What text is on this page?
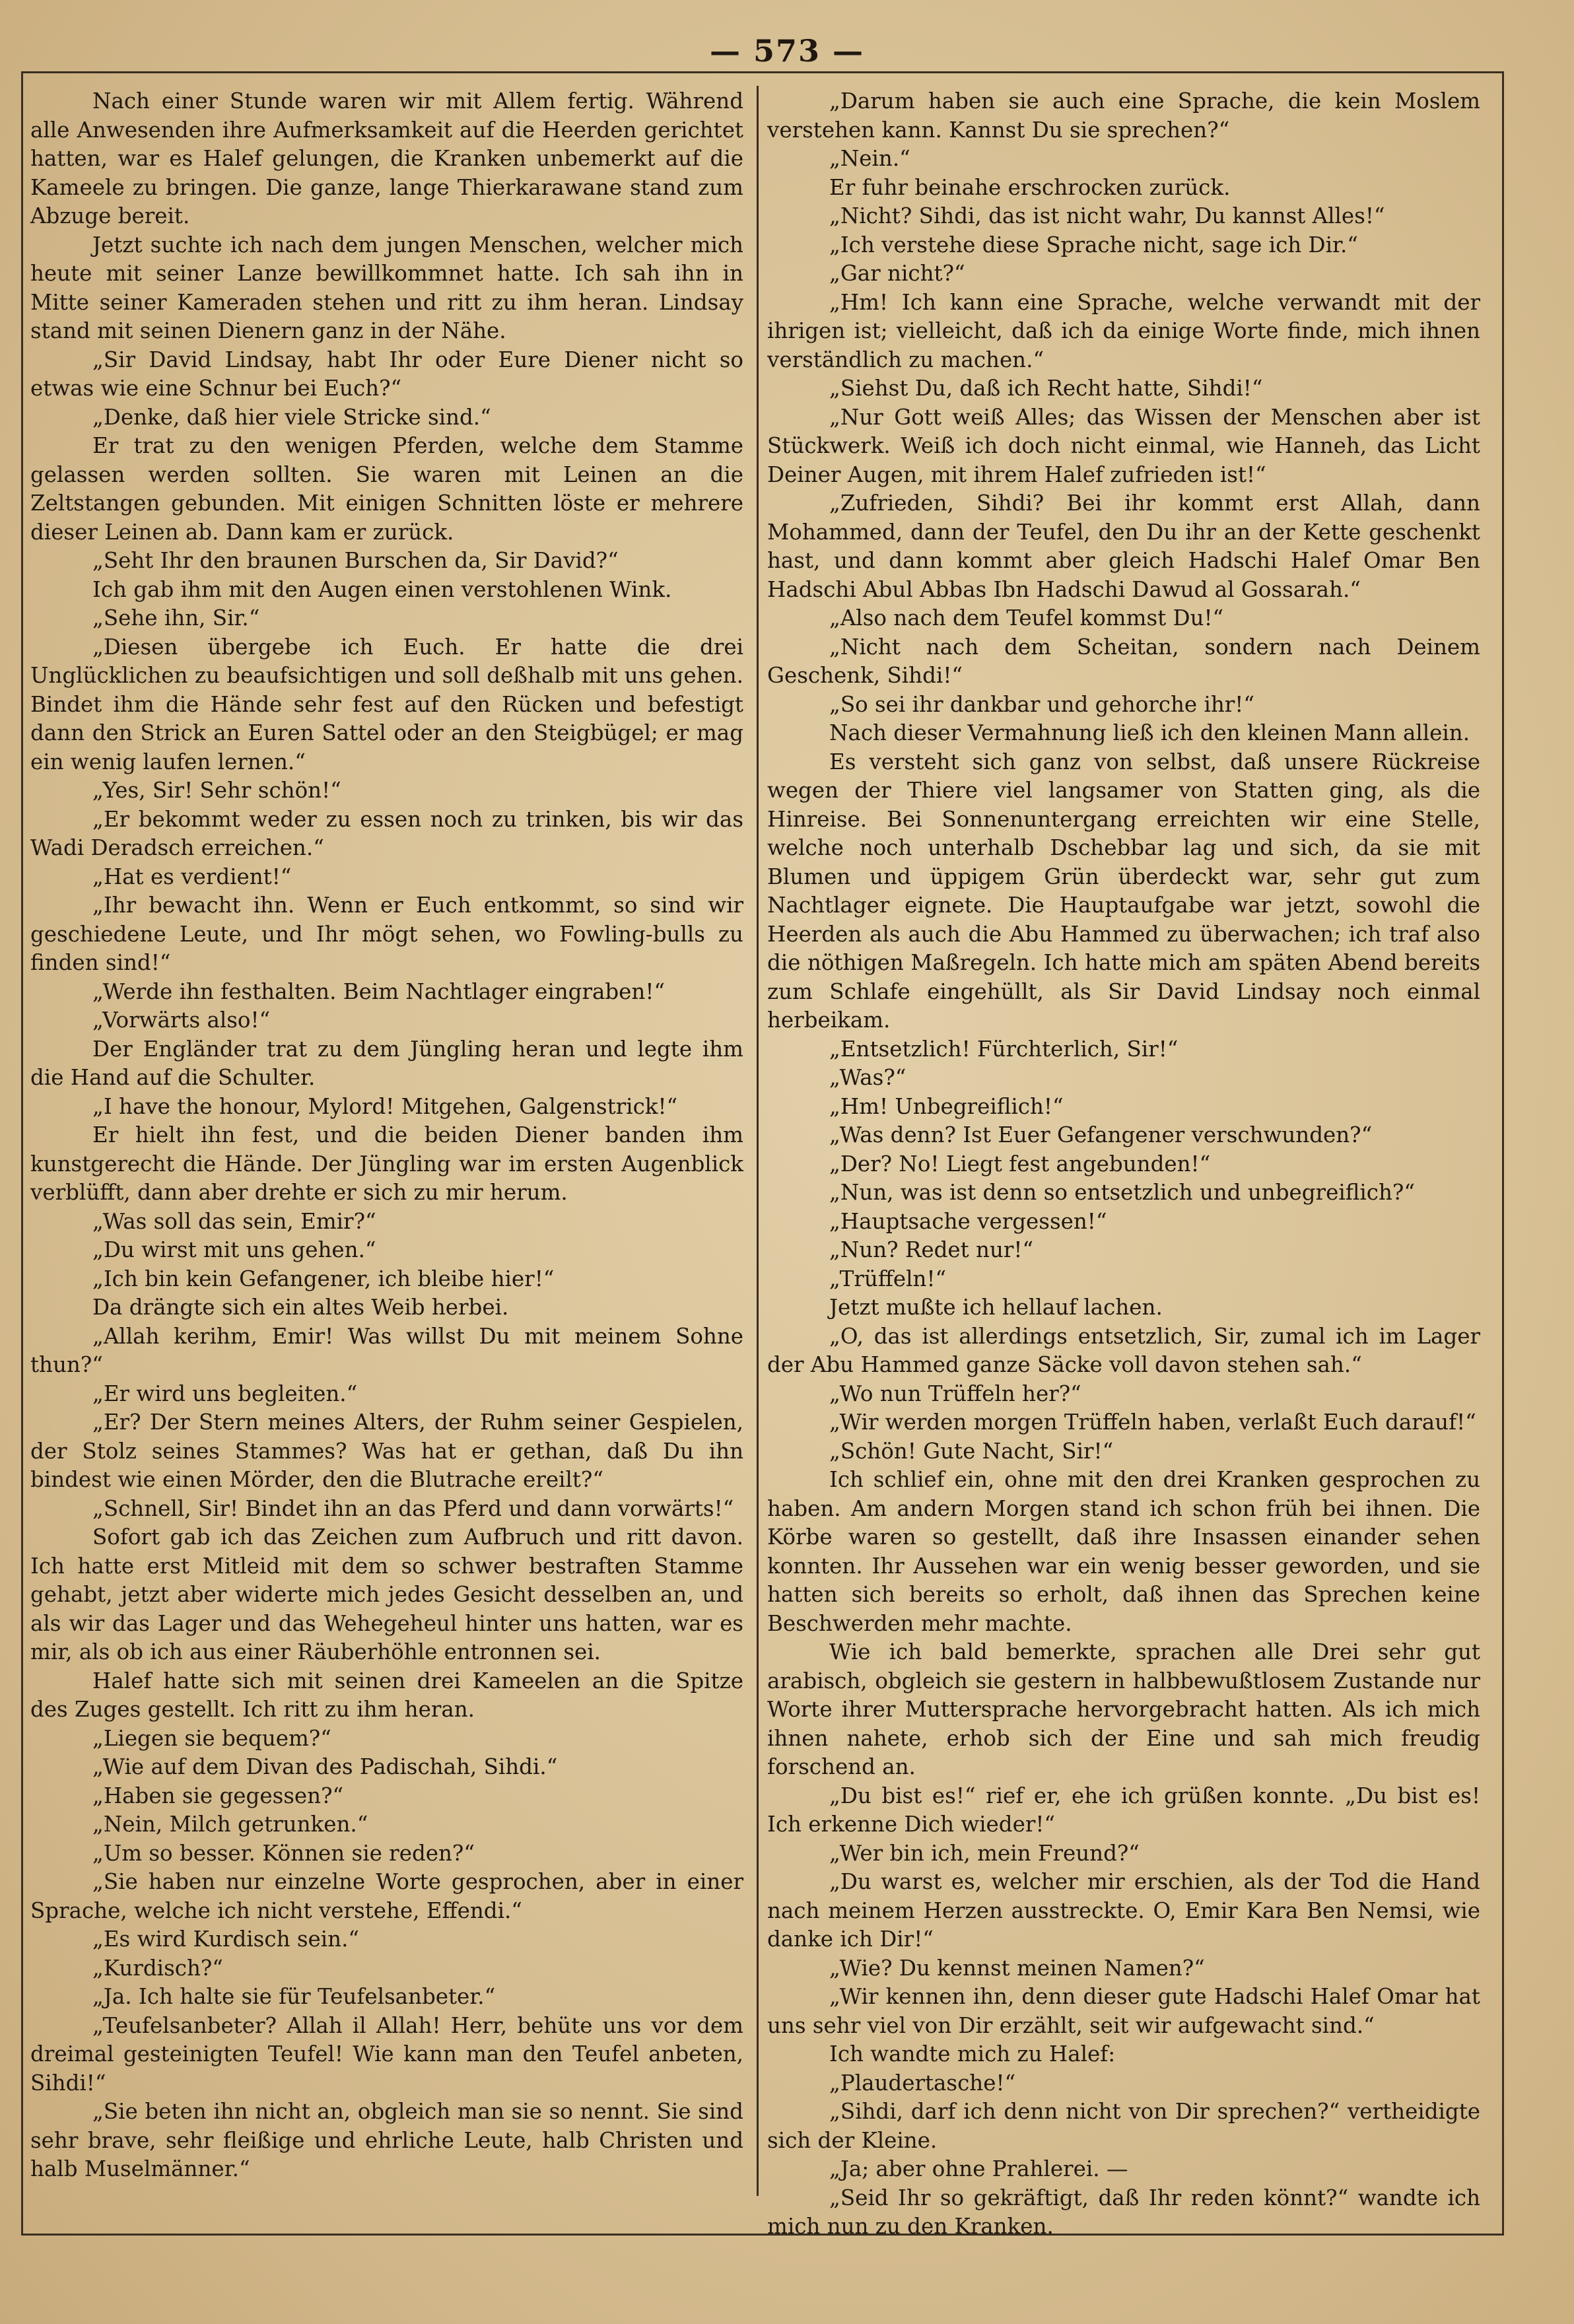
— 573 —

Nach einer Stunde waren wir mit Allem fertig. Während alle Anwesenden ihre Aufmerksamkeit auf die Heerden gerichtet hatten, war es Halef gelungen, die Kranken unbemerkt auf die Kameele zu bringen. Die ganze, lange Thierkarawane stand zum Abzuge bereit.

Jetzt suchte ich nach dem jungen Menschen, welcher mich heute mit seiner Lanze bewillkommnet hatte. Ich sah ihn in Mitte seiner Kameraden stehen und ritt zu ihm heran. Lindsay stand mit seinen Dienern ganz in der Nähe.

„Sir David Lindsay, habt Ihr oder Eure Diener nicht so etwas wie eine Schnur bei Euch?“

„Denke, daß hier viele Stricke sind.“

Er trat zu den wenigen Pferden, welche dem Stamme gelassen werden sollten. Sie waren mit Leinen an die Zeltstangen gebunden. Mit einigen Schnitten löste er mehrere dieser Leinen ab. Dann kam er zurück.

„Seht Ihr den braunen Burschen da, Sir David?“

Ich gab ihm mit den Augen einen verstohlenen Wink.

„Sehe ihn, Sir.“

„Diesen übergebe ich Euch. Er hatte die drei Unglücklichen zu beaufsichtigen und soll deßhalb mit uns gehen. Bindet ihm die Hände sehr fest auf den Rücken und befestigt dann den Strick an Euren Sattel oder an den Steigbügel; er mag ein wenig laufen lernen.“

„Yes, Sir! Sehr schön!“

„Er bekommt weder zu essen noch zu trinken, bis wir das Wadi Deradsch erreichen.“

„Hat es verdient!“

„Ihr bewacht ihn. Wenn er Euch entkommt, so sind wir geschiedene Leute, und Ihr mögt sehen, wo Fowling-bulls zu finden sind!“

„Werde ihn festhalten. Beim Nachtlager eingraben!“

„Vorwärts also!“

Der Engländer trat zu dem Jüngling heran und legte ihm die Hand auf die Schulter.

„I have the honour, Mylord! Mitgehen, Galgenstrick!“

Er hielt ihn fest, und die beiden Diener banden ihm kunstgerecht die Hände. Der Jüngling war im ersten Augenblick verblüfft, dann aber drehte er sich zu mir herum.

„Was soll das sein, Emir?“

„Du wirst mit uns gehen.“

„Ich bin kein Gefangener, ich bleibe hier!“

Da drängte sich ein altes Weib herbei.

„Allah kerihm, Emir! Was willst Du mit meinem Sohne thun?“

„Er wird uns begleiten.“

„Er? Der Stern meines Alters, der Ruhm seiner Gespielen, der Stolz seines Stammes? Was hat er gethan, daß Du ihn bindest wie einen Mörder, den die Blutrache ereilt?“

„Schnell, Sir! Bindet ihn an das Pferd und dann vorwärts!“

Sofort gab ich das Zeichen zum Aufbruch und ritt davon. Ich hatte erst Mitleid mit dem so schwer bestraften Stamme gehabt, jetzt aber widerte mich jedes Gesicht desselben an, und als wir das Lager und das Wehegeheul hinter uns hatten, war es mir, als ob ich aus einer Räuberhöhle entronnen sei.

Halef hatte sich mit seinen drei Kameelen an die Spitze des Zuges gestellt. Ich ritt zu ihm heran.

„Liegen sie bequem?“

„Wie auf dem Divan des Padischah, Sihdi.“

„Haben sie gegessen?“

„Nein, Milch getrunken.“

„Um so besser. Können sie reden?“

„Sie haben nur einzelne Worte gesprochen, aber in einer Sprache, welche ich nicht verstehe, Effendi.“

„Es wird Kurdisch sein.“

„Kurdisch?“

„Ja. Ich halte sie für Teufelsanbeter.“

„Teufelsanbeter? Allah il Allah! Herr, behüte uns vor dem dreimal gesteinigten Teufel! Wie kann man den Teufel anbeten, Sihdi!“

„Sie beten ihn nicht an, obgleich man sie so nennt. Sie sind sehr brave, sehr fleißige und ehrliche Leute, halb Christen und halb Muselmänner.“

„Darum haben sie auch eine Sprache, die kein Moslem verstehen kann. Kannst Du sie sprechen?“

„Nein.“

Er fuhr beinahe erschrocken zurück.

„Nicht? Sihdi, das ist nicht wahr, Du kannst Alles!“

„Ich verstehe diese Sprache nicht, sage ich Dir.“

„Gar nicht?“

„Hm! Ich kann eine Sprache, welche verwandt mit der ihrigen ist; vielleicht, daß ich da einige Worte finde, mich ihnen verständlich zu machen.“

„Siehst Du, daß ich Recht hatte, Sihdi!“

„Nur Gott weiß Alles; das Wissen der Menschen aber ist Stückwerk. Weiß ich doch nicht einmal, wie Hanneh, das Licht Deiner Augen, mit ihrem Halef zufrieden ist!“

„Zufrieden, Sihdi? Bei ihr kommt erst Allah, dann Mohammed, dann der Teufel, den Du ihr an der Kette geschenkt hast, und dann kommt aber gleich Hadschi Halef Omar Ben Hadschi Abul Abbas Ibn Hadschi Dawud al Gossarah.“

„Also nach dem Teufel kommst Du!“

„Nicht nach dem Scheitan, sondern nach Deinem Geschenk, Sihdi!“

„So sei ihr dankbar und gehorche ihr!“

Nach dieser Vermahnung ließ ich den kleinen Mann allein.

Es versteht sich ganz von selbst, daß unsere Rückreise wegen der Thiere viel langsamer von Statten ging, als die Hinreise. Bei Sonnenuntergang erreichten wir eine Stelle, welche noch unterhalb Dschebbar lag und sich, da sie mit Blumen und üppigem Grün überdeckt war, sehr gut zum Nachtlager eignete. Die Hauptaufgabe war jetzt, sowohl die Heerden als auch die Abu Hammed zu überwachen; ich traf also die nöthigen Maßregeln. Ich hatte mich am späten Abend bereits zum Schlafe eingehüllt, als Sir David Lindsay noch einmal herbeikam.

„Entsetzlich! Fürchterlich, Sir!“

„Was?“

„Hm! Unbegreiflich!“

„Was denn? Ist Euer Gefangener verschwunden?“

„Der? No! Liegt fest angebunden!“

„Nun, was ist denn so entsetzlich und unbegreiflich?“

„Hauptsache vergessen!“

„Nun? Redet nur!“

„Trüffeln!“

Jetzt mußte ich hellauf lachen.

„O, das ist allerdings entsetzlich, Sir, zumal ich im Lager der Abu Hammed ganze Säcke voll davon stehen sah.“

„Wo nun Trüffeln her?“

„Wir werden morgen Trüffeln haben, verlaßt Euch darauf!“

„Schön! Gute Nacht, Sir!“

Ich schlief ein, ohne mit den drei Kranken gesprochen zu haben. Am andern Morgen stand ich schon früh bei ihnen. Die Körbe waren so gestellt, daß ihre Insassen einander sehen konnten. Ihr Aussehen war ein wenig besser geworden, und sie hatten sich bereits so erholt, daß ihnen das Sprechen keine Beschwerden mehr machte.

Wie ich bald bemerkte, sprachen alle Drei sehr gut arabisch, obgleich sie gestern in halbbewußtlosem Zustande nur Worte ihrer Muttersprache hervorgebracht hatten. Als ich mich ihnen nahete, erhob sich der Eine und sah mich freudig forschend an.

„Du bist es!“ rief er, ehe ich grüßen konnte. „Du bist es! Ich erkenne Dich wieder!“

„Wer bin ich, mein Freund?“

„Du warst es, welcher mir erschien, als der Tod die Hand nach meinem Herzen ausstreckte. O, Emir Kara Ben Nemsi, wie danke ich Dir!“

„Wie? Du kennst meinen Namen?“

„Wir kennen ihn, denn dieser gute Hadschi Halef Omar hat uns sehr viel von Dir erzählt, seit wir aufgewacht sind.“

Ich wandte mich zu Halef:

„Plaudertasche!“

„Sihdi, darf ich denn nicht von Dir sprechen?“ vertheidigte sich der Kleine.

„Ja; aber ohne Prahlerei. —

„Seid Ihr so gekräftigt, daß Ihr reden könnt?“ wandte ich mich nun zu den Kranken.
